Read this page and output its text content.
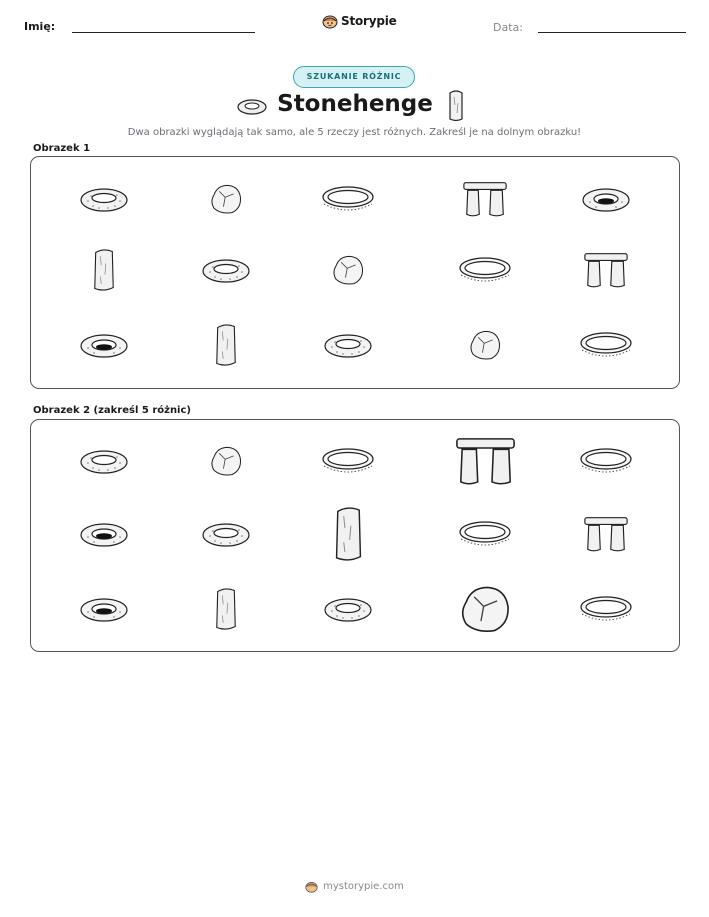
Imię:	Storypie	Data:
SZUKANIE RÓŻNIC
Stonehenge
Dwa obrazki wyglądają tak samo, ale 5 rzeczy jest różnych. Zakreśl je na dolnym obrazku!
Obrazek 1
Obrazek 2 (zakreśl 5 różnic)
mystorypie.com
